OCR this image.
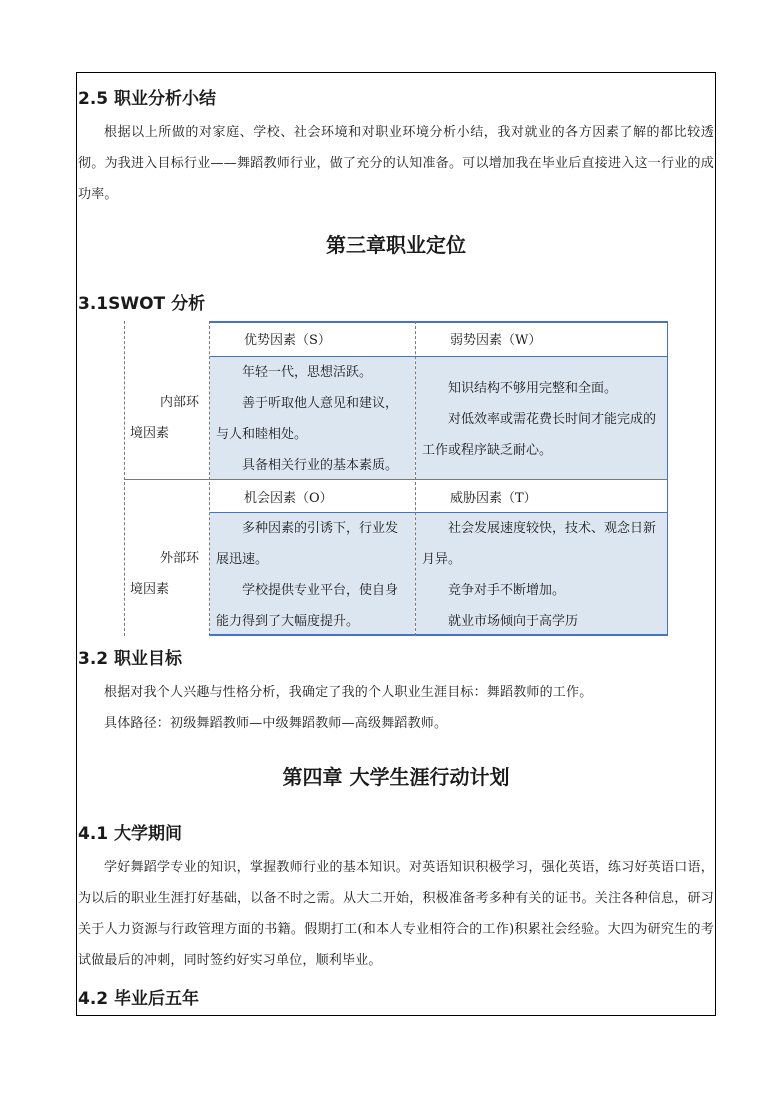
2.5 职业分析小结

根据以上所做的对家庭、学校、社会环境和对职业环境分析小结，我对就业的各方因素了解的都比较透彻。为我进入目标行业——舞蹈教师行业，做了充分的认知准备。可以增加我在毕业后直接进入这一行业的成功率。

第三章职业定位
3.1SWOT 分析
内部环境因素
外部环境因素
优势因素（S）	弱势因素（W）
年轻一代，思想活跃。
善于听取他人意见和建议，与人和睦相处。
具备相关行业的基本素质。
知识结构不够用完整和全面。
对低效率或需花费长时间才能完成的工作或程序缺乏耐心。
机会因素（O）	威胁因素（T）
多种因素的引诱下，行业发展迅速。
学校提供专业平台，使自身能力得到了大幅度提升。
社会发展速度较快，技术、观念日新月异。
竞争对手不断增加。
就业市场倾向于高学历
3.2 职业目标

根据对我个人兴趣与性格分析，我确定了我的个人职业生涯目标：舞蹈教师的工作。

具体路径：初级舞蹈教师—中级舞蹈教师—高级舞蹈教师。

第四章 大学生涯行动计划
4.1 大学期间

学好舞蹈学专业的知识，掌握教师行业的基本知识。对英语知识积极学习，强化英语，练习好英语口语，为以后的职业生涯打好基础，以备不时之需。从大二开始，积极准备考多种有关的证书。关注各种信息，研习关于人力资源与行政管理方面的书籍。假期打工(和本人专业相符合的工作)积累社会经验。大四为研究生的考试做最后的冲刺，同时签约好实习单位，顺利毕业。

4.2 毕业后五年
